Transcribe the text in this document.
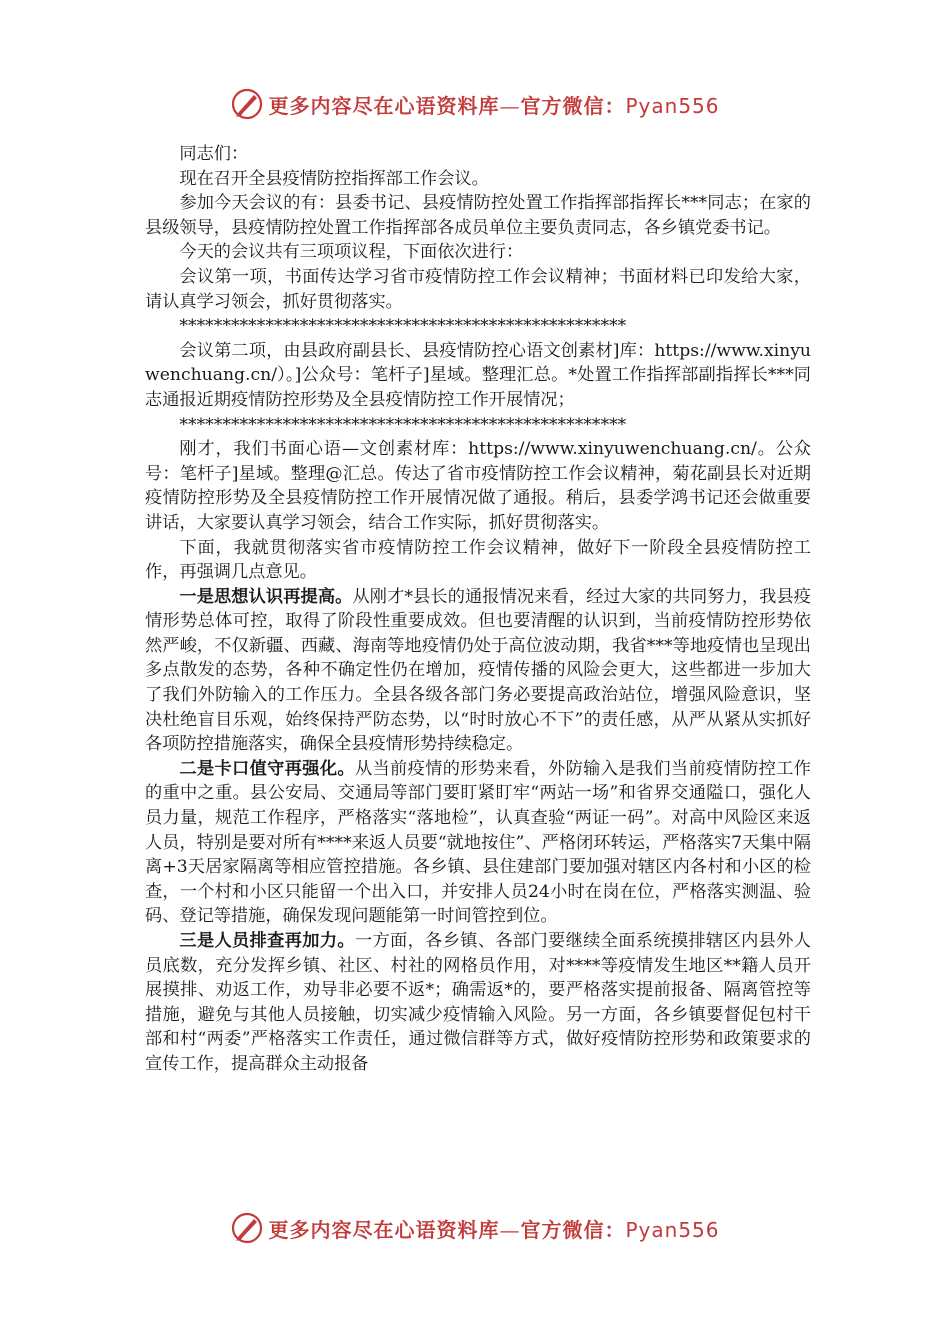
更多内容尽在心语资料库—官方微信：Pyan556

同志们：

现在召开全县疫情防控指挥部工作会议。

参加今天会议的有：县委书记、县疫情防控处置工作指挥部指挥长***同志；在家的县级领导，县疫情防控处置工作指挥部各成员单位主要负责同志，各乡镇党委书记。

今天的会议共有三项项议程，下面依次进行：

会议第一项，书面传达学习省市疫情防控工作会议精神；书面材料已印发给大家，请认真学习领会，抓好贯彻落实。

****************************************************

会议第二项，由县政府副县长、县疫情防控心语文创素材]库：https://www.xinyuwenchuang.cn/）。]公众号：笔杆子]星域。整理汇总。*处置工作指挥部副指挥长***同志通报近期疫情防控形势及全县疫情防控工作开展情况；

****************************************************

刚才，我们书面心语—文创素材库：https://www.xinyuwenchuang.cn/。公众号：笔杆子]星域。整理@汇总。传达了省市疫情防控工作会议精神，菊花副县长对近期疫情防控形势及全县疫情防控工作开展情况做了通报。稍后，县委学鸿书记还会做重要讲话，大家要认真学习领会，结合工作实际，抓好贯彻落实。

下面，我就贯彻落实省市疫情防控工作会议精神，做好下一阶段全县疫情防控工作，再强调几点意见。

一是思想认识再提高。从刚才*县长的通报情况来看，经过大家的共同努力，我县疫情形势总体可控，取得了阶段性重要成效。但也要清醒的认识到，当前疫情防控形势依然严峻，不仅新疆、西藏、海南等地疫情仍处于高位波动期，我省***等地疫情也呈现出多点散发的态势，各种不确定性仍在增加，疫情传播的风险会更大，这些都进一步加大了我们外防输入的工作压力。全县各级各部门务必要提高政治站位，增强风险意识，坚决杜绝盲目乐观，始终保持严防态势，以“时时放心不下”的责任感，从严从紧从实抓好各项防控措施落实，确保全县疫情形势持续稳定。

二是卡口值守再强化。从当前疫情的形势来看，外防输入是我们当前疫情防控工作的重中之重。县公安局、交通局等部门要盯紧盯牢“两站一场”和省界交通隘口，强化人员力量，规范工作程序，严格落实“落地检”，认真查验“两证一码”。对高中风险区来返人员，特别是要对所有****来返人员要“就地按住”、严格闭环转运，严格落实7天集中隔离+3天居家隔离等相应管控措施。各乡镇、县住建部门要加强对辖区内各村和小区的检查，一个村和小区只能留一个出入口，并安排人员24小时在岗在位，严格落实测温、验码、登记等措施，确保发现问题能第一时间管控到位。

三是人员排查再加力。一方面，各乡镇、各部门要继续全面系统摸排辖区内县外人员底数，充分发挥乡镇、社区、村社的网格员作用，对****等疫情发生地区**籍人员开展摸排、劝返工作，劝导非必要不返*；确需返*的，要严格落实提前报备、隔离管控等措施，避免与其他人员接触，切实减少疫情输入风险。另一方面，各乡镇要督促包村干部和村“两委”严格落实工作责任，通过微信群等方式，做好疫情防控形势和政策要求的宣传工作，提高群众主动报备

更多内容尽在心语资料库—官方微信：Pyan556
